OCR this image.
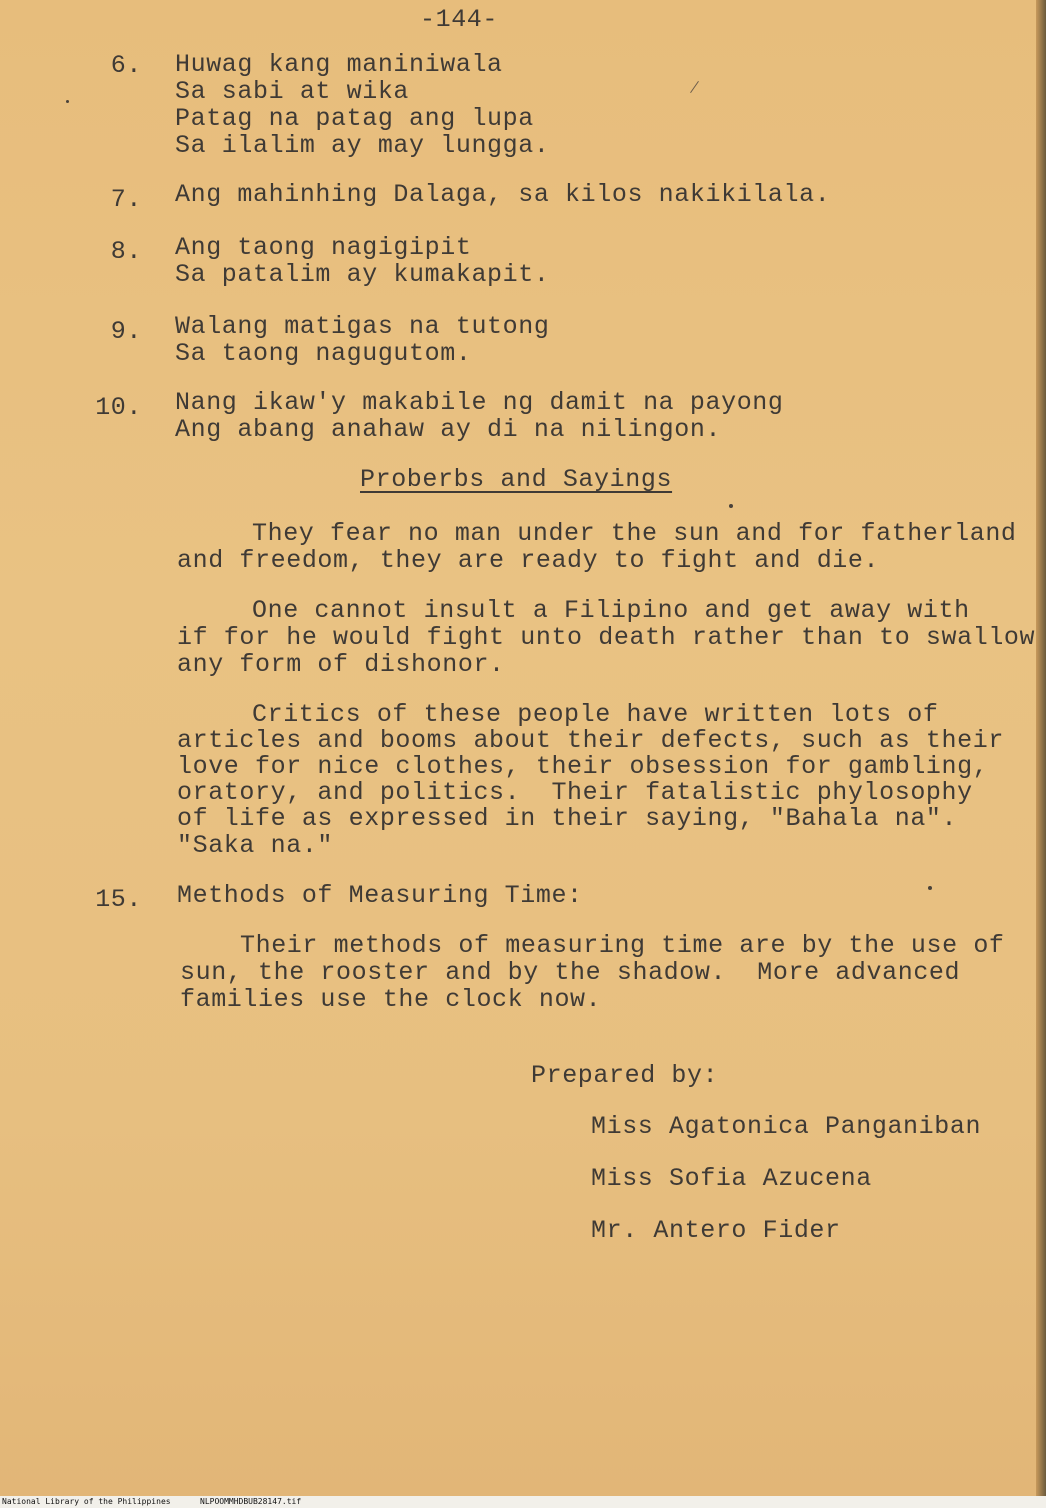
-144-
6. Huwag kang maniniwala
Sa sabi at wika
Patag na patag ang lupa
Sa ilalim ay may lungga.
7. Ang mahinhing Dalaga, sa kilos nakikilala.
8. Ang taong nagigipit
Sa patalim ay kumakapit.
9. Walang matigas na tutong
Sa taong nagugutom.
10. Nang ikaw'y makabile ng damit na payong
Ang abang anahaw ay di na nilingon.
Proberbs and Sayings
They fear no man under the sun and for fatherland
and freedom, they are ready to fight and die.
One cannot insult a Filipino and get away with
if for he would fight unto death rather than to swallow
any form of dishonor.
Critics of these people have written lots of
articles and booms about their defects, such as their
love for nice clothes, their obsession for gambling,
oratory, and politics.  Their fatalistic phylosophy
of life as expressed in their saying, "Bahala na".
"Saka na."
15. Methods of Measuring Time:
Their methods of measuring time are by the use of
sun, the rooster and by the shadow.  More advanced
families use the clock now.
Prepared by:
Miss Agatonica Panganiban
Miss Sofia Azucena
Mr. Antero Fider
National Library of the Philippines	NLPOOMMHDBUB28147.tif
